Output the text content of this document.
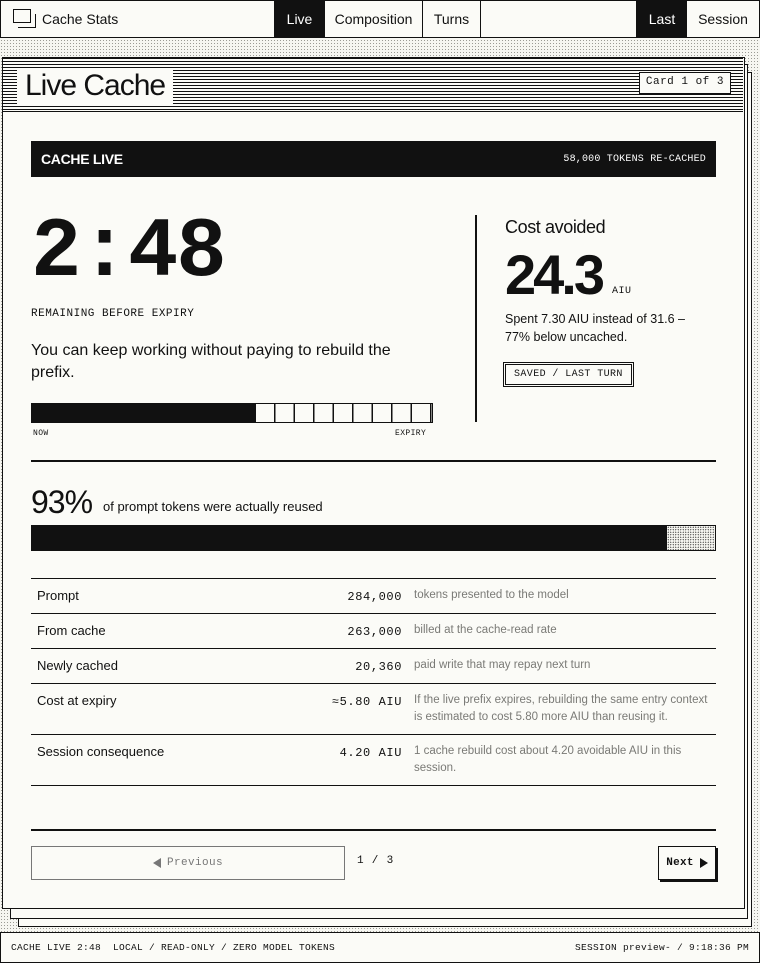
Cache Stats	Live	Composition	Turns	Last	Session
Live Cache	Card 1 of 3
CACHE LIVE	58,000 TOKENS RE-CACHED
2:48
REMAINING BEFORE EXPIRY
You can keep working without paying to rebuild the prefix.
NOW	EXPIRY
Cost avoided
24.3 AIU
Spent 7.30 AIU instead of 31.6 – 77% below uncached.
SAVED / LAST TURN
93% of prompt tokens were actually reused
Prompt	284,000 tokens presented to the model
From cache	263,000 billed at the cache-read rate
Newly cached	20,360 paid write that may repay next turn
Cost at expiry	≈5.80 AIU If the live prefix expires, rebuilding the same entry context is estimated to cost 5.80 more AIU than reusing it.
Session consequence	4.20 AIU 1 cache rebuild cost about 4.20 avoidable AIU in this session.
Previous	1 / 3	Next
CACHE LIVE 2:48  LOCAL / READ-ONLY / ZERO MODEL TOKENS	SESSION preview- / 9:18:36 PM
